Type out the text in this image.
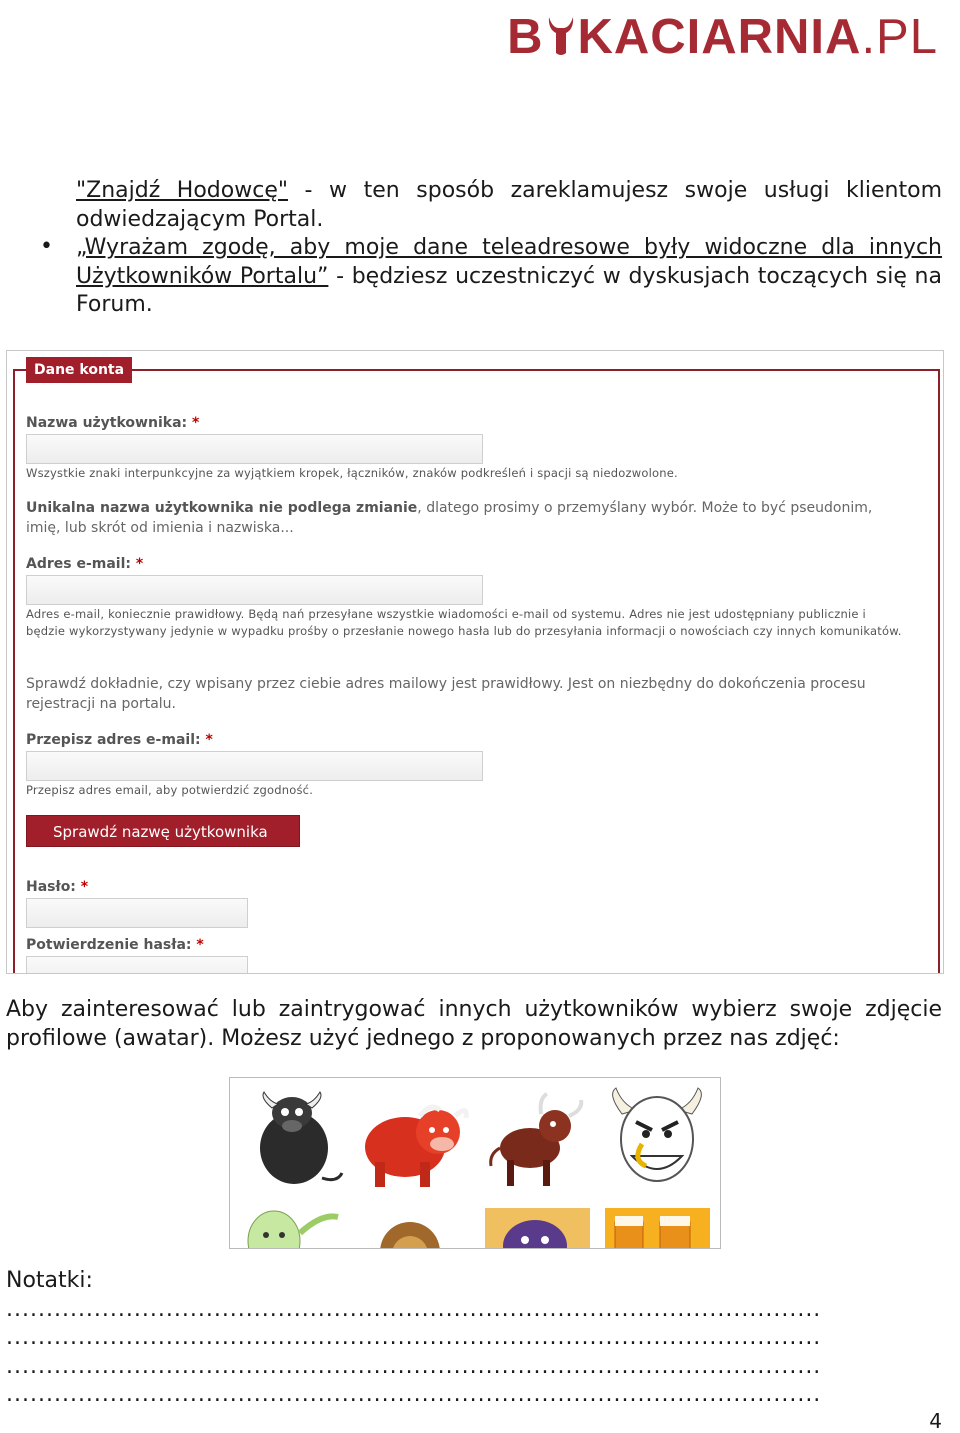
B KACIARNIA .PL
"Znajdź Hodowcę" - w ten sposób zareklamujesz swoje usługi klientom odwiedzającym Portal.
• „Wyrażam zgodę, aby moje dane teleadresowe były widoczne dla innych Użytkowników Portalu” - będziesz uczestniczyć w dyskusjach toczących się na Forum.
Dane konta
Nazwa użytkownika: *
Wszystkie znaki interpunkcyjne za wyjątkiem kropek, łączników, znaków podkreśleń i spacji są niedozwolone.
Unikalna nazwa użytkownika nie podlega zmianie, dlatego prosimy o przemyślany wybór. Może to być pseudonim, imię, lub skrót od imienia i nazwiska...
Adres e-mail: *
Adres e-mail, koniecznie prawidłowy. Będą nań przesyłane wszystkie wiadomości e-mail od systemu. Adres nie jest udostępniany publicznie i będzie wykorzystywany jedynie w wypadku prośby o przesłanie nowego hasła lub do przesyłania informacji o nowościach czy innych komunikatów.
Sprawdź dokładnie, czy wpisany przez ciebie adres mailowy jest prawidłowy. Jest on niezbędny do dokończenia procesu rejestracji na portalu.
Przepisz adres e-mail: *
Przepisz adres email, aby potwierdzić zgodność.
Sprawdź nazwę użytkownika
Hasło: *
Potwierdzenie hasła: *
Aby zainteresować lub zaintrygować innych użytkowników wybierz swoje zdjęcie profilowe (awatar). Możesz użyć jednego z proponowanych przez nas zdjęć:
Notatki:
......................................................................................................
......................................................................................................
......................................................................................................
......................................................................................................
4
